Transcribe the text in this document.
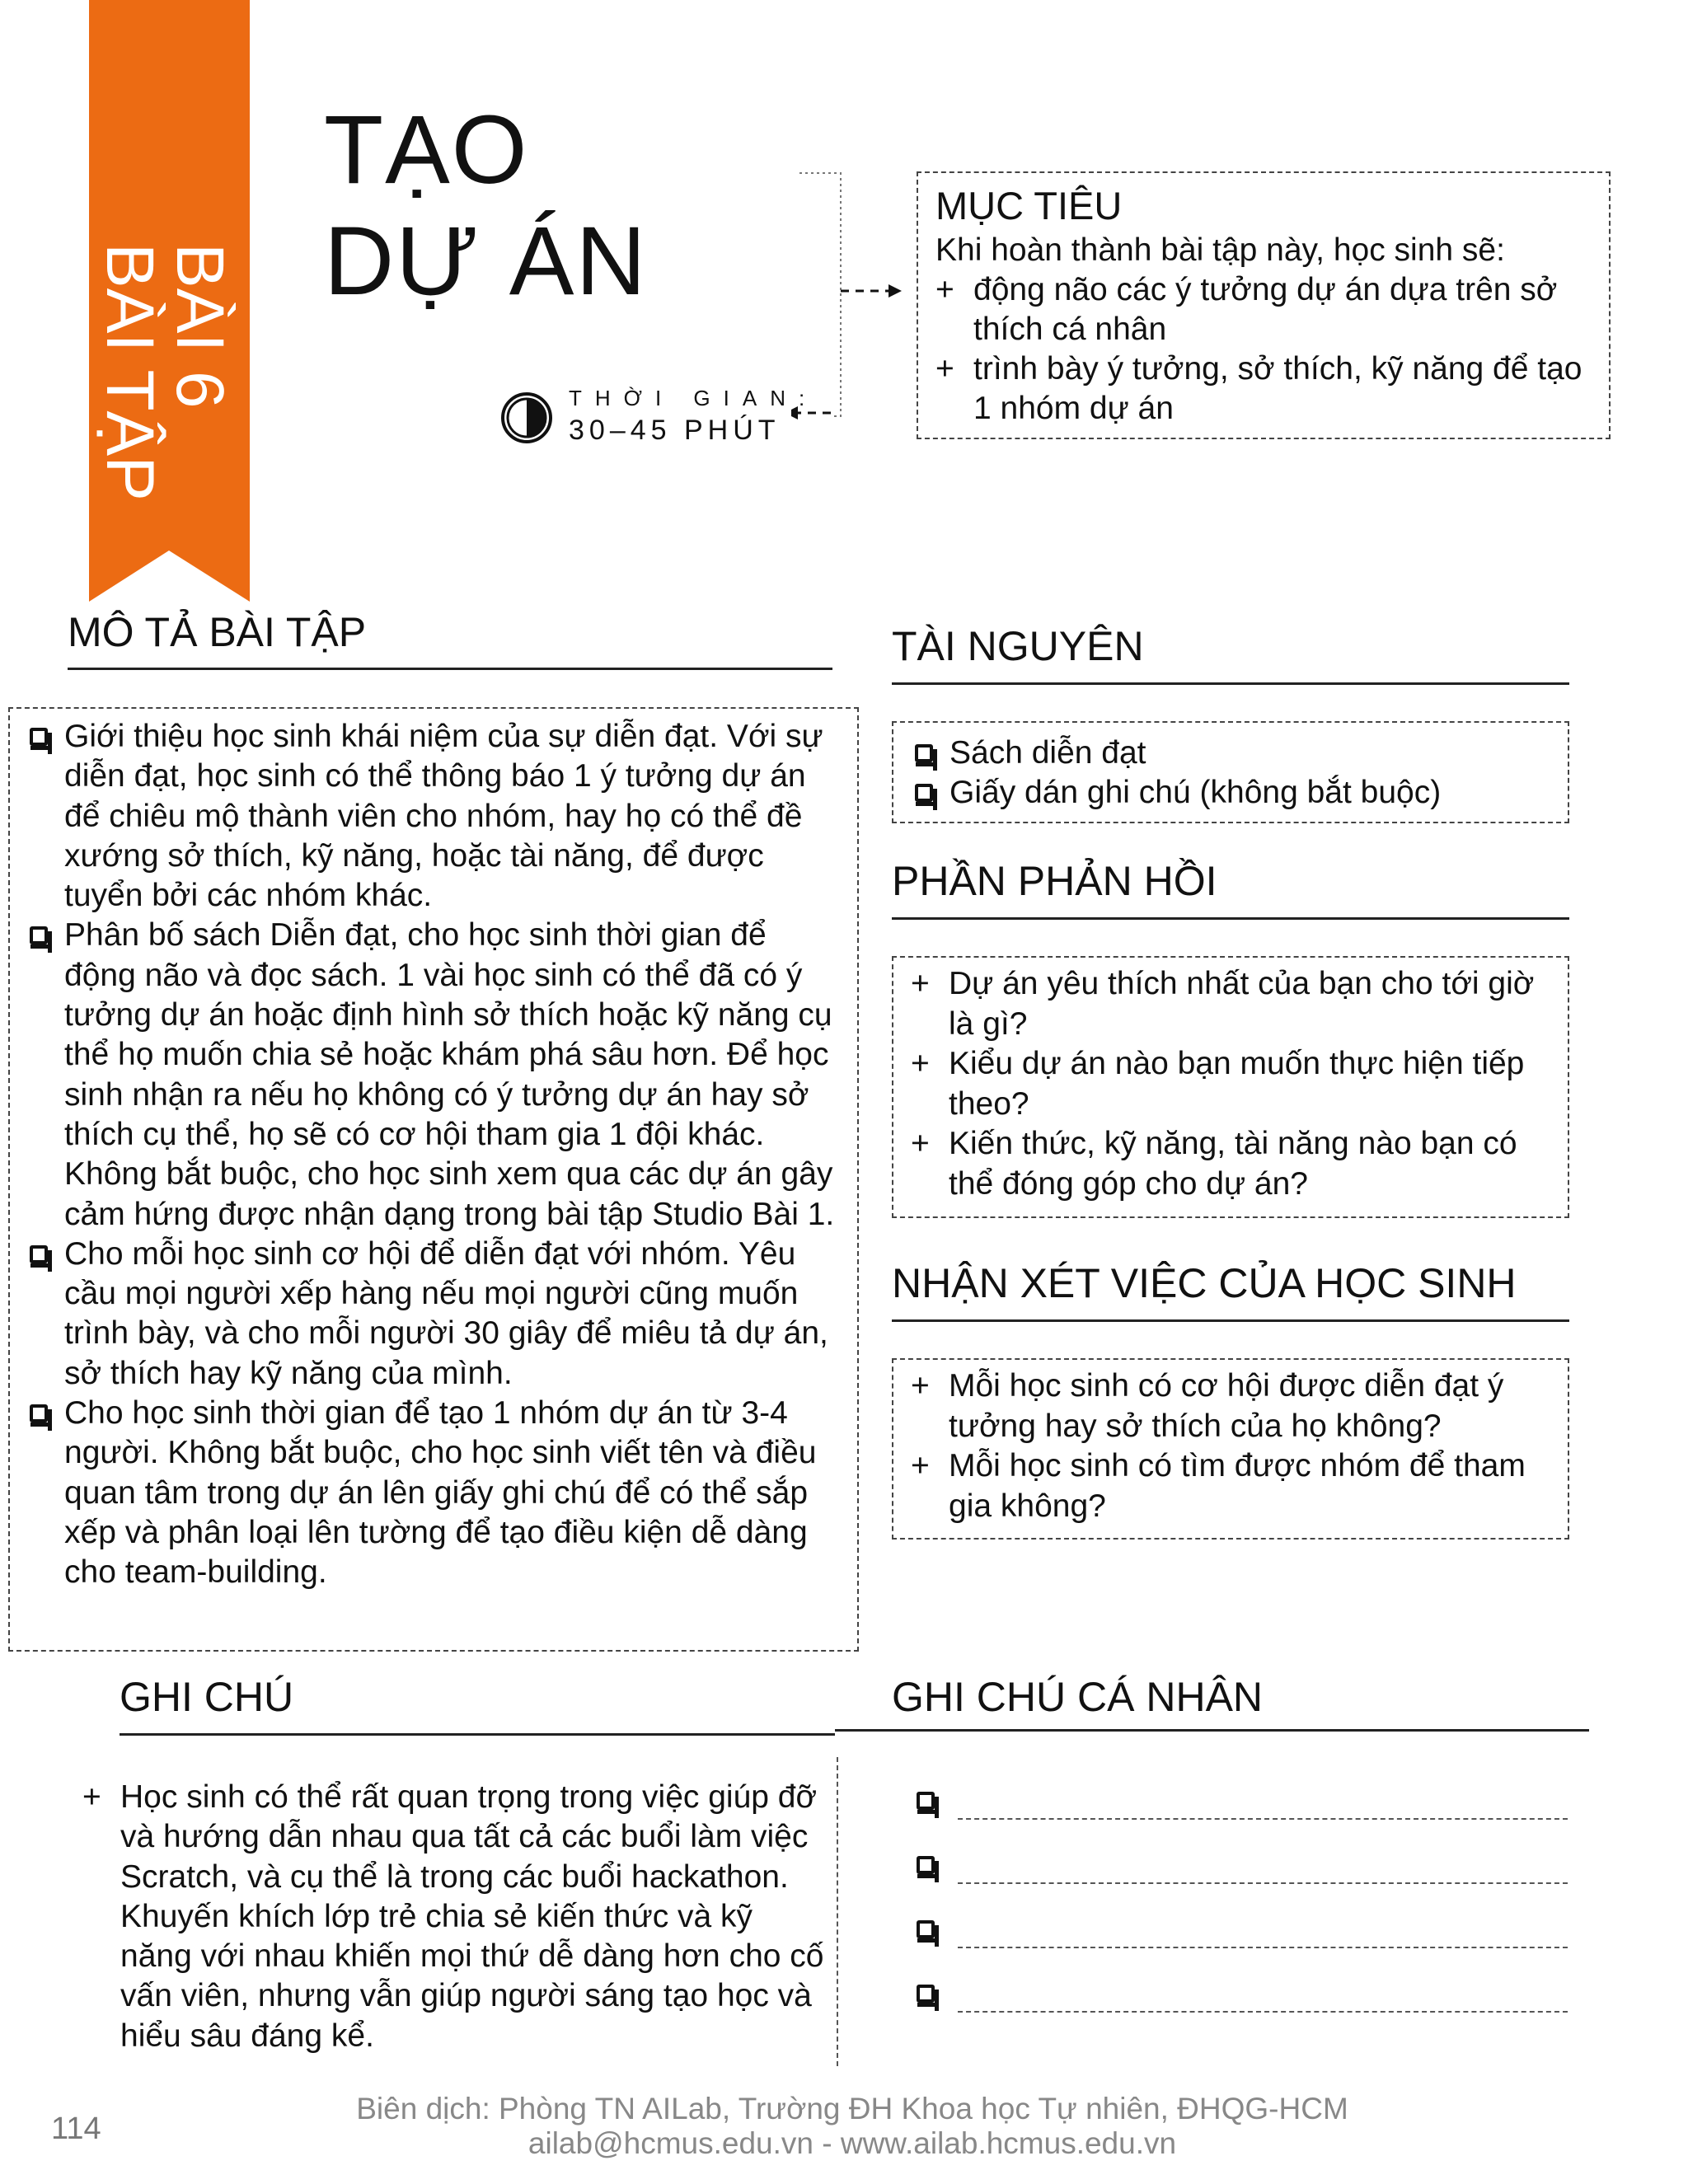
BÀI 6
BÀI TẬP
TẠO
DỰ ÁN
THỜI GIAN:
30–45 PHÚT
MỤC TIÊU
Khi hoàn thành bài tập này, học sinh sẽ:
+ động não các ý tưởng dự án dựa trên sở thích cá nhân
+ trình bày ý tưởng, sở thích, kỹ năng để tạo 1 nhóm dự án
MÔ TẢ BÀI TẬP
Giới thiệu học sinh khái niệm của sự diễn đạt. Với sự diễn đạt, học sinh có thể thông báo 1 ý tưởng dự án để chiêu mộ thành viên cho nhóm, hay họ có thể đề xướng sở thích, kỹ năng, hoặc tài năng, để được tuyển bởi các nhóm khác.
Phân bố sách Diễn đạt, cho học sinh thời gian để động não và đọc sách. 1 vài học sinh có thể đã có ý tưởng dự án hoặc định hình sở thích hoặc kỹ năng cụ thể họ muốn chia sẻ hoặc khám phá sâu hơn. Để học sinh nhận ra nếu họ không có ý tưởng dự án hay sở thích cụ thể, họ sẽ có cơ hội tham gia 1 đội khác. Không bắt buộc, cho học sinh xem qua các dự án gây cảm hứng được nhận dạng trong bài tập Studio Bài 1.
Cho mỗi học sinh cơ hội để diễn đạt với nhóm. Yêu cầu mọi người xếp hàng nếu mọi người cũng muốn trình bày, và cho mỗi người 30 giây để miêu tả dự án, sở thích hay kỹ năng của mình.
Cho học sinh thời gian để tạo 1 nhóm dự án từ 3-4 người. Không bắt buộc, cho học sinh viết tên và điều quan tâm trong dự án lên giấy ghi chú để có thể sắp xếp và phân loại lên tường để tạo điều kiện dễ dàng cho team-building.
TÀI NGUYÊN
Sách diễn đạt
Giấy dán ghi chú (không bắt buộc)
PHẦN PHẢN HỒI
+ Dự án yêu thích nhất của bạn cho tới giờ là gì?
+ Kiểu dự án nào bạn muốn thực hiện tiếp theo?
+ Kiến thức, kỹ năng, tài năng nào bạn có thể đóng góp cho dự án?
NHẬN XÉT VIỆC CỦA HỌC SINH
+ Mỗi học sinh có cơ hội được diễn đạt ý tưởng hay sở thích của họ không?
+ Mỗi học sinh có tìm được nhóm để tham gia không?
GHI CHÚ
+ Học sinh có thể rất quan trọng trong việc giúp đỡ và hướng dẫn nhau qua tất cả các buổi làm việc Scratch, và cụ thể là trong các buổi hackathon. Khuyến khích lớp trẻ chia sẻ kiến thức và kỹ năng với nhau khiến mọi thứ dễ dàng hơn cho cố vấn viên, nhưng vẫn giúp người sáng tạo học và hiểu sâu đáng kể.
GHI CHÚ CÁ NHÂN
Biên dịch: Phòng TN AILab, Trường ĐH Khoa học Tự nhiên, ĐHQG-HCM
ailab@hcmus.edu.vn - www.ailab.hcmus.edu.vn
114
